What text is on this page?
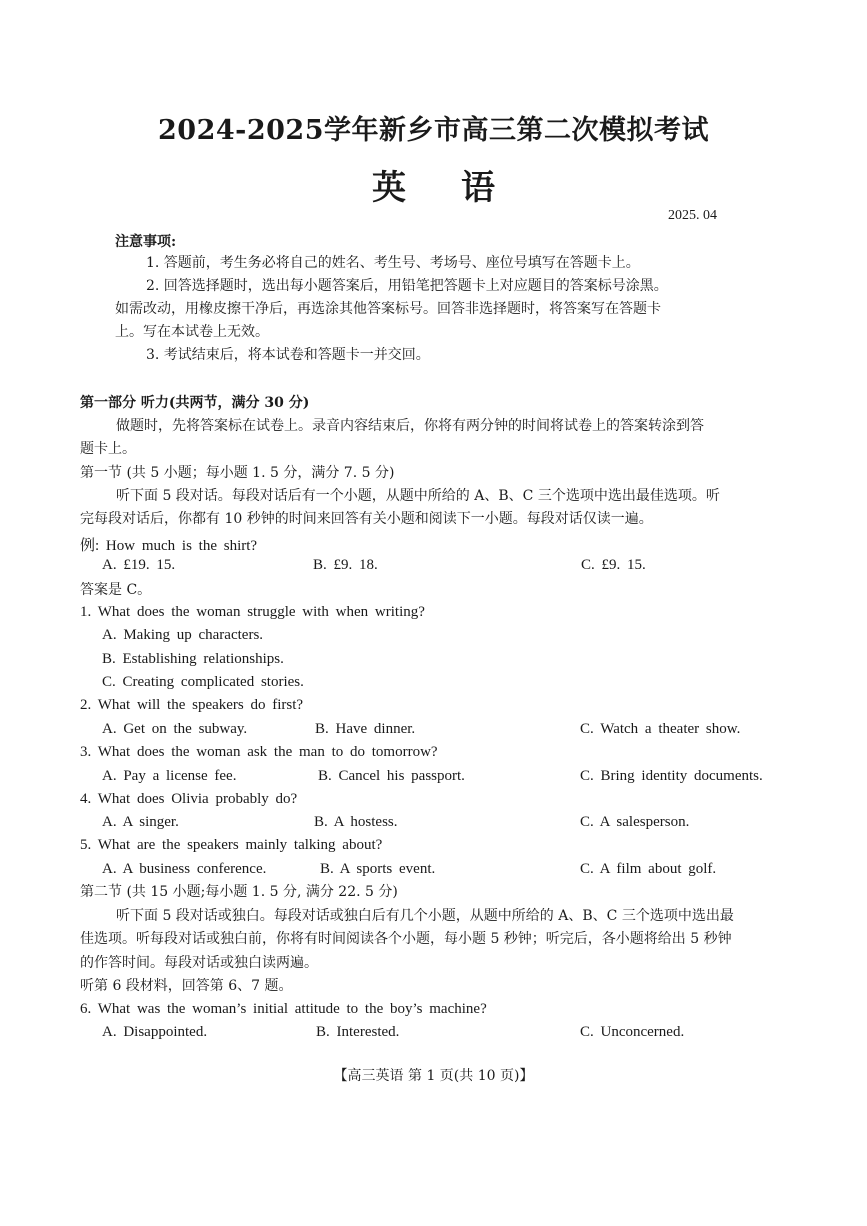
2024-2025学年新乡市高三第二次模拟考试
英语
2025. 04
注意事项:
1. 答题前，考生务必将自己的姓名、考生号、考场号、座位号填写在答题卡上。
2. 回答选择题时，选出每小题答案后，用铅笔把答题卡上对应题目的答案标号涂黑。
如需改动，用橡皮擦干净后，再选涂其他答案标号。回答非选择题时，将答案写在答题卡
上。写在本试卷上无效。
3. 考试结束后，将本试卷和答题卡一并交回。
第一部分 听力(共两节，满分 30 分)
做题时，先将答案标在试卷上。录音内容结束后，你将有两分钟的时间将试卷上的答案转涂到答
题卡上。
第一节 (共 5 小题；每小题 1. 5 分，满分 7. 5 分)
听下面 5 段对话。每段对话后有一个小题，从题中所给的 A、B、C 三个选项中选出最佳选项。听
完每段对话后，你都有 10 秒钟的时间来回答有关小题和阅读下一小题。每段对话仅读一遍。
例: How much is the shirt?
A. £19. 15.	B. £9. 18.	C. £9. 15.
答案是 C。
1. What does the woman struggle with when writing?
A. Making up characters.
B. Establishing relationships.
C. Creating complicated stories.
2. What will the speakers do first?
A. Get on the subway.	B. Have dinner.	C. Watch a theater show.
3. What does the woman ask the man to do tomorrow?
A. Pay a license fee.	B. Cancel his passport.	C. Bring identity documents.
4. What does Olivia probably do?
A. A singer.	B. A hostess.	C. A salesperson.
5. What are the speakers mainly talking about?
A. A business conference.	B. A sports event.	C. A film about golf.
第二节 (共 15 小题;每小题 1. 5 分, 满分 22. 5 分)
听下面 5 段对话或独白。每段对话或独白后有几个小题，从题中所给的 A、B、C 三个选项中选出最
佳选项。听每段对话或独白前，你将有时间阅读各个小题，每小题 5 秒钟；听完后，各小题将给出 5 秒钟
的作答时间。每段对话或独白读两遍。
听第 6 段材料，回答第 6、7 题。
6. What was the woman’s initial attitude to the boy’s machine?
A. Disappointed.	B. Interested.	C. Unconcerned.
【高三英语 第 1 页(共 10 页)】
